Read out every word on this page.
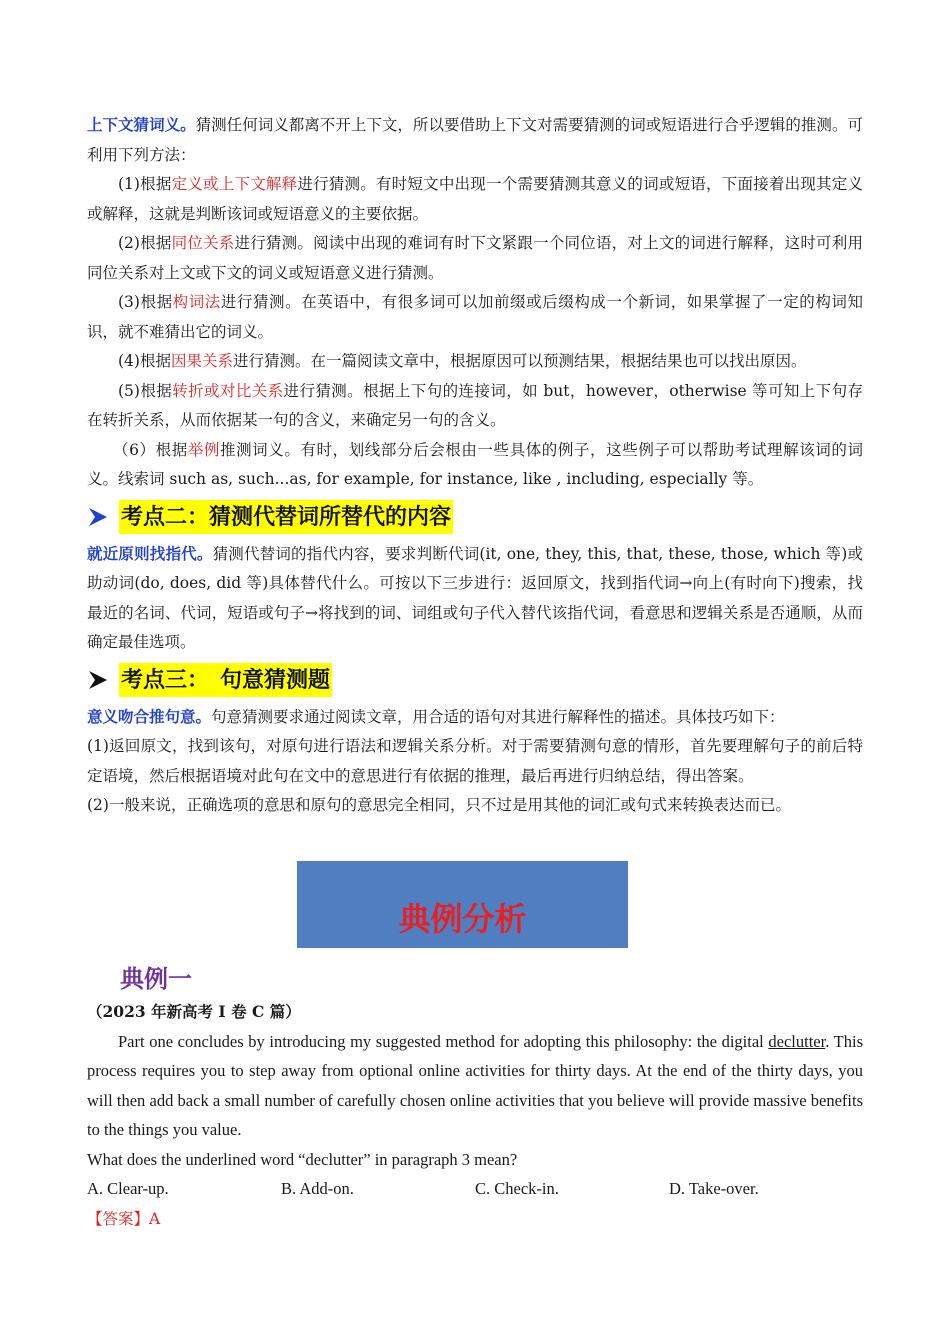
上下文猜词义。猜测任何词义都离不开上下文，所以要借助上下文对需要猜测的词或短语进行合乎逻辑的推测。可利用下列方法：

(1)根据定义或上下文解释进行猜测。有时短文中出现一个需要猜测其意义的词或短语，下面接着出现其定义或解释，这就是判断该词或短语意义的主要依据。

(2)根据同位关系进行猜测。阅读中出现的难词有时下文紧跟一个同位语，对上文的词进行解释，这时可利用同位关系对上文或下文的词义或短语意义进行猜测。

(3)根据构词法进行猜测。在英语中，有很多词可以加前缀或后缀构成一个新词，如果掌握了一定的构词知识，就不难猜出它的词义。

(4)根据因果关系进行猜测。在一篇阅读文章中，根据原因可以预测结果，根据结果也可以找出原因。

(5)根据转折或对比关系进行猜测。根据上下句的连接词，如 but，however，otherwise 等可知上下句存在转折关系，从而依据某一句的含义，来确定另一句的含义。

（6）根据举例推测词义。有时，划线部分后会根由一些具体的例子，这些例子可以帮助考试理解该词的词义。线索词 such as, such...as, for example, for instance, like , including, especially 等。

考点二：猜测代替词所替代的内容

就近原则找指代。猜测代替词的指代内容，要求判断代词(it, one, they, this, that, these, those, which 等)或助动词(do, does, did 等)具体替代什么。可按以下三步进行：返回原文，找到指代词→向上(有时向下)搜索，找最近的名词、代词，短语或句子→将找到的词、词组或句子代入替代该指代词，看意思和逻辑关系是否通顺，从而确定最佳选项。

考点三：　句意猜测题

意义吻合推句意。句意猜测要求通过阅读文章，用合适的语句对其进行解释性的描述。具体技巧如下：

(1)返回原文，找到该句，对原句进行语法和逻辑关系分析。对于需要猜测句意的情形，首先要理解句子的前后特定语境，然后根据语境对此句在文中的意思进行有依据的推理，最后再进行归纳总结，得出答案。

(2)一般来说，正确选项的意思和原句的意思完全相同，只不过是用其他的词汇或句式来转换表达而已。

典例分析
典例一
（2023 年新高考 I 卷 C 篇）

Part one concludes by introducing my suggested method for adopting this philosophy: the digital declutter. This process requires you to step away from optional online activities for thirty days. At the end of the thirty days, you will then add back a small number of carefully chosen online activities that you believe will provide massive benefits to the things you value.

What does the underlined word “declutter” in paragraph 3 mean?

A. Clear-up.	B. Add-on.	C. Check-in.	D. Take-over.
【答案】A
